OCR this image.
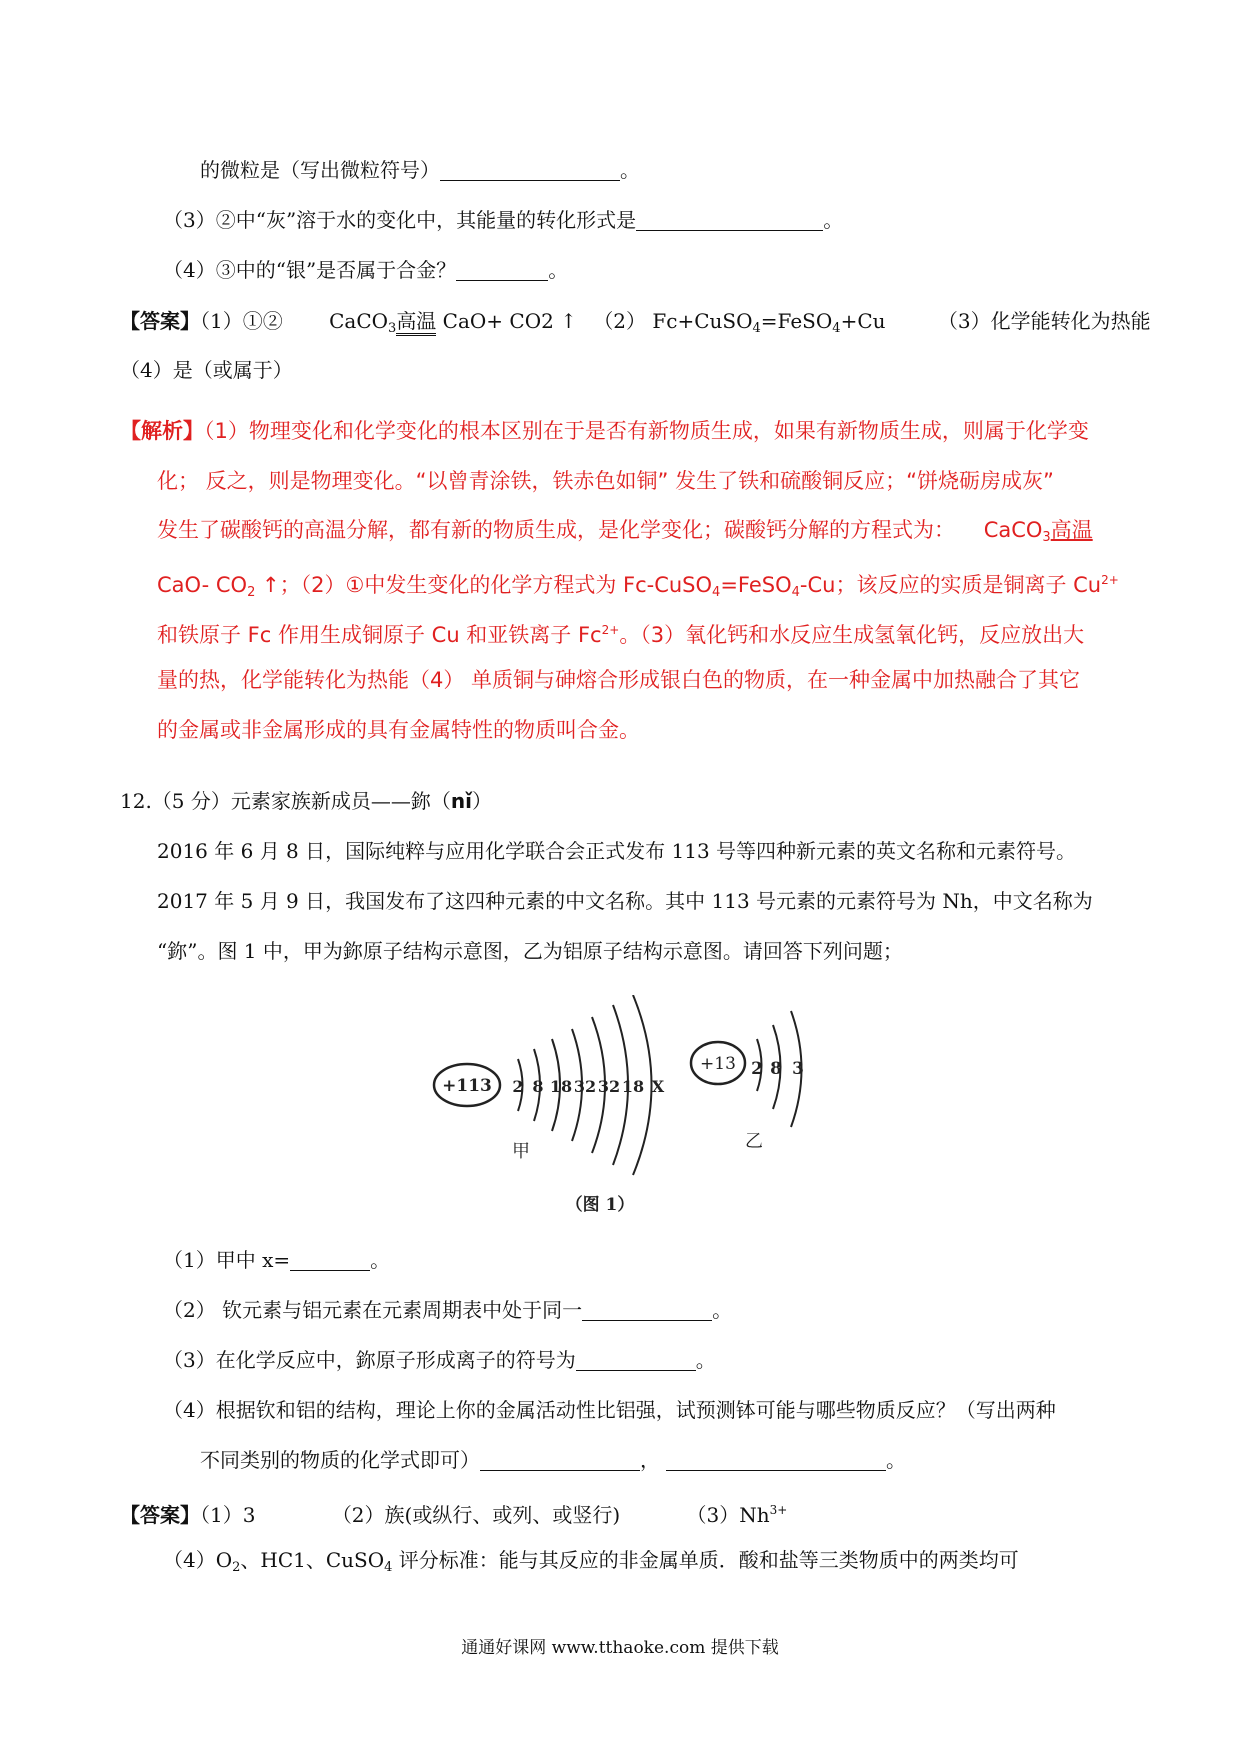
的微粒是（写出微粒符号）	。
（3）②中“灰”溶于水的变化中，其能量的转化形式是	。
（4）③中的“银”是否属于合金？	。
【答案】（1）①② CaCO$_3$高温 CaO+ CO2 ↑ （2） Fc+CuSO$_4$=FeSO$_4$+Cu	（3）化学能转化为热能
（4）是（或属于）
【解析】（1）物理变化和化学变化的根本区别在于是否有新物质生成，如果有新物质生成，则属于化学变
化； 反之，则是物理变化。“以曾青涂铁，铁赤色如铜” 发生了铁和硫酸铜反应；“饼烧砺房成灰”
发生了碳酸钙的高温分解，都有新的物质生成，是化学变化；碳酸钙分解的方程式为： CaCO$_3$高温
CaO- $CO_2$ ↑；（2）①中发生变化的化学方程式为 Fc-CuSO$_4$=FeSO$_4$-Cu；该反应的实质是铜离子 $Cu^{2+}$
和铁原子 Fc 作用生成铜原子 Cu 和亚铁离子 $Fc^{2+}$。（3）氧化钙和水反应生成氢氧化钙，反应放出大
量的热，化学能转化为热能（4） 单质铜与砷熔合形成银白色的物质，在一种金属中加热融合了其它
的金属或非金属形成的具有金属特性的物质叫合金。
12.（5 分）元素家族新成员——鉨（nǐ）
2016 年 6 月 8 日，国际纯粹与应用化学联合会正式发布 113 号等四种新元素的英文名称和元素符号。
2017 年 5 月 9 日，我国发布了这四种元素的中文名称。其中 113 号元素的元素符号为 Nh，中文名称为
“鉨”。图 1 中，甲为鉨原子结构示意图，乙为铝原子结构示意图。请回答下列问题；
+113 2 8 18 32 32 18 X
甲
+13 2 8 3
乙
（图 1）
（1）甲中 x=	。
（2） 钦元素与铝元素在元素周期表中处于同一	。
（3）在化学反应中，鉨原子形成离子的符号为	。
（4）根据钦和铝的结构，理论上你的金属活动性比铝强，试预测钵可能与哪些物质反应？（写出两种
不同类别的物质的化学式即可）	，	。
【答案】（1）3	（2）族(或纵行、或列、或竖行)	$(3)Nh^{3+}$
$(4)O_2$、HC1、CuSO$_4$ 评分标准：能与其反应的非金属单质．酸和盐等三类物质中的两类均可
通通好课网 www.tthaoke.com 提供下载
